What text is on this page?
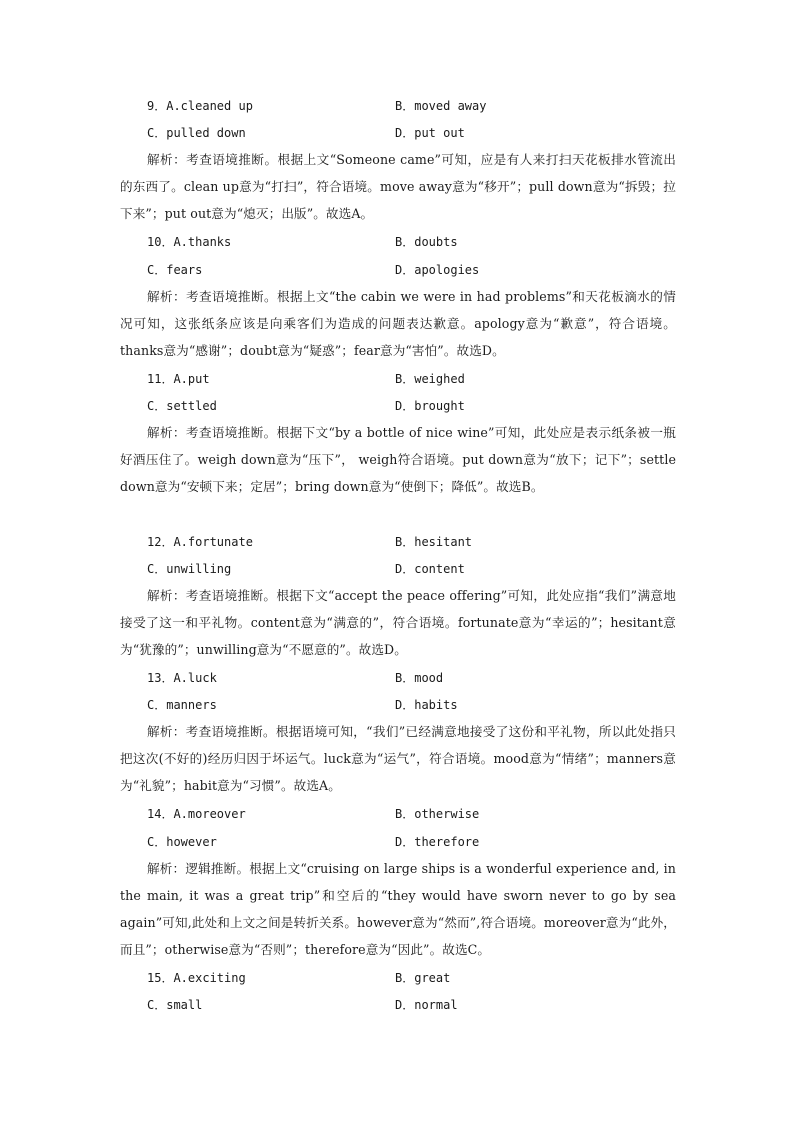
9．A.cleaned up	B．moved away
C．pulled down	D．put out
解析：考查语境推断。根据上文“Someone came”可知，应是有人来打扫天花板排水管流出的东西了。clean up意为“打扫”，符合语境。move away意为“移开”；pull down意为“拆毁；拉下来”；put out意为“熄灭；出版”。故选A。
10．A.thanks	B．doubts
C．fears	D．apologies
解析：考查语境推断。根据上文“the cabin we were in had problems”和天花板滴水的情况可知，这张纸条应该是向乘客们为造成的问题表达歉意。apology意为“歉意”，符合语境。thanks意为“感谢”；doubt意为“疑惑”；fear意为“害怕”。故选D。
11．A.put	B．weighed
C．settled	D．brought
解析：考查语境推断。根据下文“by a bottle of nice wine”可知，此处应是表示纸条被一瓶好酒压住了。weigh down意为“压下”， weigh符合语境。put down意为“放下；记下”；settle down意为“安顿下来；定居”；bring down意为“使倒下；降低”。故选B。
12．A.fortunate	B．hesitant
C．unwilling	D．content
解析：考查语境推断。根据下文“accept the peace offering”可知，此处应指“我们”满意地接受了这一和平礼物。content意为“满意的”，符合语境。fortunate意为“幸运的”；hesitant意为“犹豫的”；unwilling意为“不愿意的”。故选D。
13．A.luck	B．mood
C．manners	D．habits
解析：考查语境推断。根据语境可知，“我们”已经满意地接受了这份和平礼物，所以此处指只把这次(不好的)经历归因于坏运气。luck意为“运气”，符合语境。mood意为“情绪”；manners意为“礼貌”；habit意为“习惯”。故选A。
14．A.moreover	B．otherwise
C．however	D．therefore
解析：逻辑推断。根据上文“cruising on large ships is a wonderful experience and, in the main, it was a great trip”和空后的“they would have sworn never to go by sea again”可知,此处和上文之间是转折关系。however意为“然而”,符合语境。moreover意为“此外，而且”；otherwise意为“否则”；therefore意为“因此”。故选C。
15．A.exciting	B．great
C．small	D．normal
